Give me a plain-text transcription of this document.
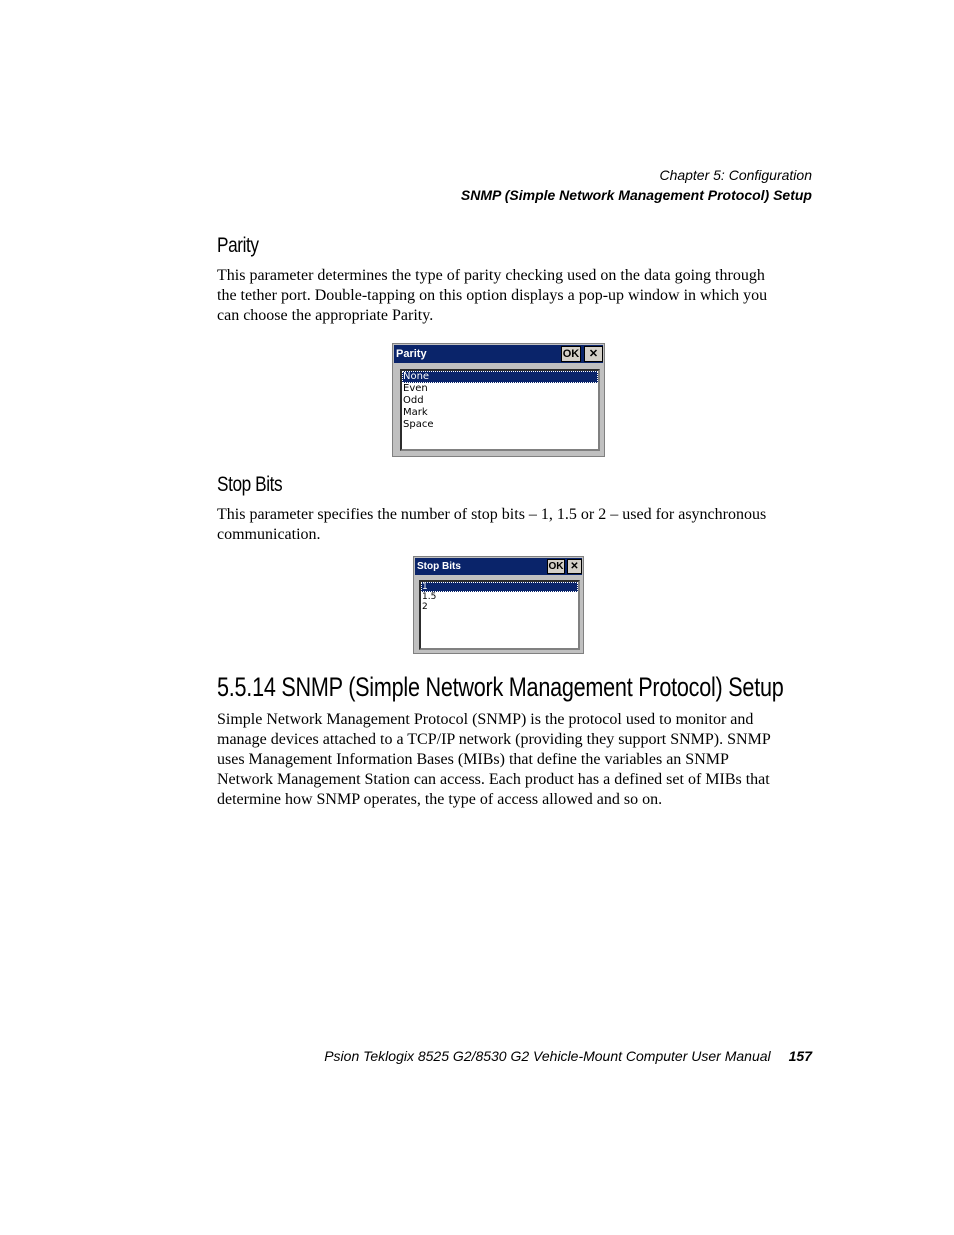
Chapter 5: Configuration
SNMP (Simple Network Management Protocol) Setup
Parity

This parameter determines the type of parity checking used on the data going through the tether port. Double-tapping on this option displays a pop-up window in which you can choose the appropriate Parity.

Parity	OK ✕
None
Even
Odd
Mark
Space
Stop Bits

This parameter specifies the number of stop bits – 1, 1.5 or 2 – used for asynchronous communication.

Stop Bits	OK ✕
1
1.5
2
5.5.14 SNMP (Simple Network Management Protocol) Setup

Simple Network Management Protocol (SNMP) is the protocol used to monitor and manage devices attached to a TCP/IP network (providing they support SNMP). SNMP uses Management Information Bases (MIBs) that define the variables an SNMP Network Management Station can access. Each product has a defined set of MIBs that determine how SNMP operates, the type of access allowed and so on.

Psion Teklogix 8525 G2/8530 G2 Vehicle-Mount Computer User Manual 157
